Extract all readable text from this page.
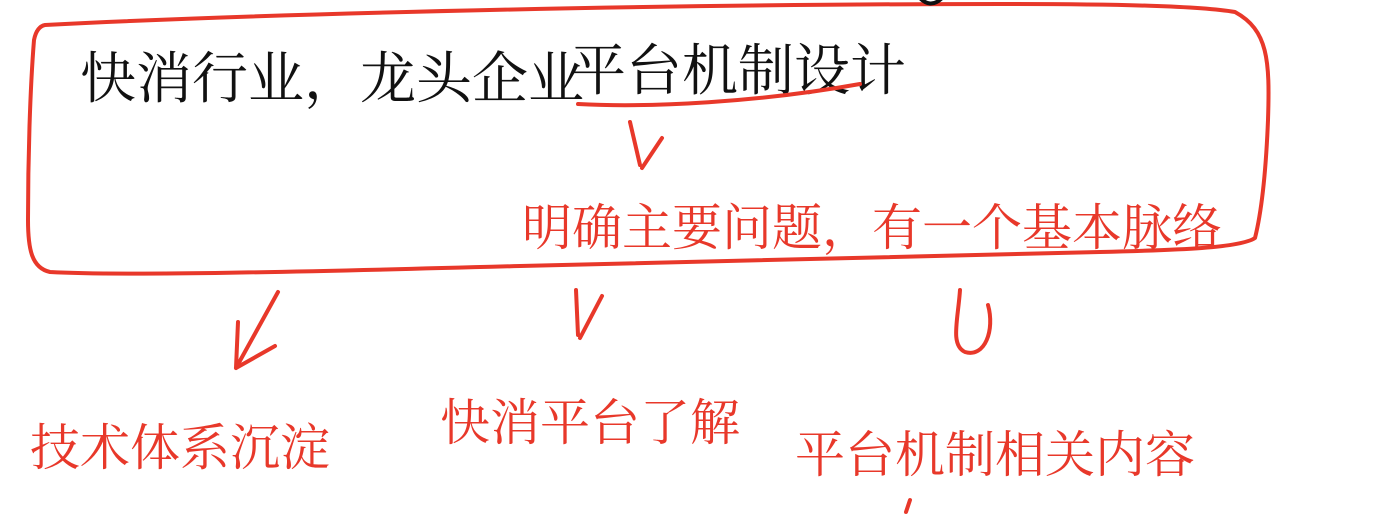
快消行业，龙头企业
平台机制设计
明确主要问题，有一个基本脉络
技术体系沉淀 快消平台了解
平台机制相关内容
